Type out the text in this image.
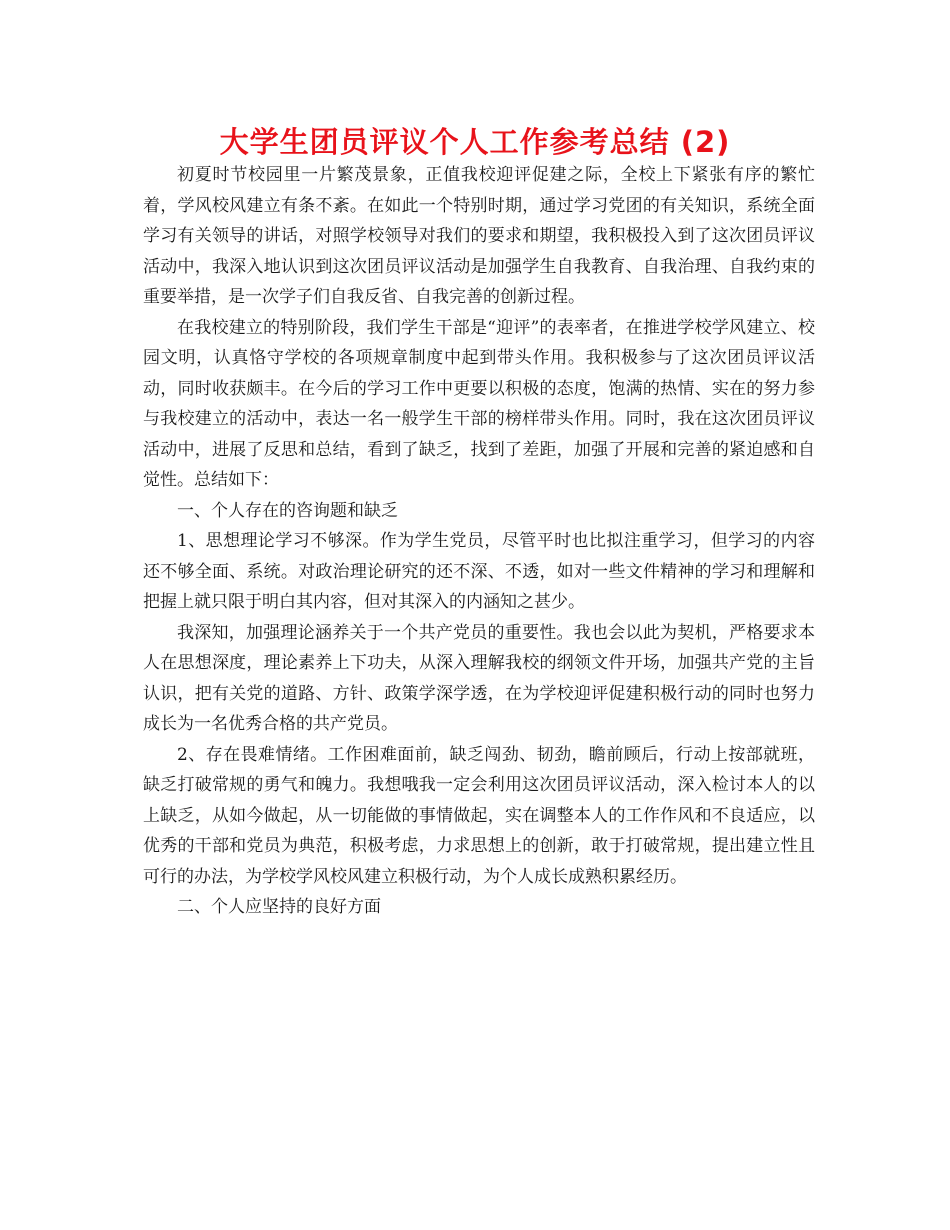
大学生团员评议个人工作参考总结 (2)

初夏时节校园里一片繁茂景象，正值我校迎评促建之际，全校上下紧张有序的繁忙着，学风校风建立有条不紊。在如此一个特别时期，通过学习党团的有关知识，系统全面学习有关领导的讲话，对照学校领导对我们的要求和期望，我积极投入到了这次团员评议活动中，我深入地认识到这次团员评议活动是加强学生自我教育、自我治理、自我约束的重要举措，是一次学子们自我反省、自我完善的创新过程。

在我校建立的特别阶段，我们学生干部是“迎评”的表率者，在推进学校学风建立、校园文明，认真恪守学校的各项规章制度中起到带头作用。我积极参与了这次团员评议活动，同时收获颇丰。在今后的学习工作中更要以积极的态度，饱满的热情、实在的努力参与我校建立的活动中，表达一名一般学生干部的榜样带头作用。同时，我在这次团员评议活动中，进展了反思和总结，看到了缺乏，找到了差距，加强了开展和完善的紧迫感和自觉性。总结如下：

一、个人存在的咨询题和缺乏

1、思想理论学习不够深。作为学生党员，尽管平时也比拟注重学习，但学习的内容还不够全面、系统。对政治理论研究的还不深、不透，如对一些文件精神的学习和理解和把握上就只限于明白其内容，但对其深入的内涵知之甚少。

我深知，加强理论涵养关于一个共产党员的重要性。我也会以此为契机，严格要求本人在思想深度，理论素养上下功夫，从深入理解我校的纲领文件开场，加强共产党的主旨认识，把有关党的道路、方针、政策学深学透，在为学校迎评促建积极行动的同时也努力成长为一名优秀合格的共产党员。

2、存在畏难情绪。工作困难面前，缺乏闯劲、韧劲，瞻前顾后，行动上按部就班，缺乏打破常规的勇气和魄力。我想哦我一定会利用这次团员评议活动，深入检讨本人的以上缺乏，从如今做起，从一切能做的事情做起，实在调整本人的工作作风和不良适应，以优秀的干部和党员为典范，积极考虑，力求思想上的创新，敢于打破常规，提出建立性且可行的办法，为学校学风校风建立积极行动，为个人成长成熟积累经历。

二、个人应坚持的良好方面
